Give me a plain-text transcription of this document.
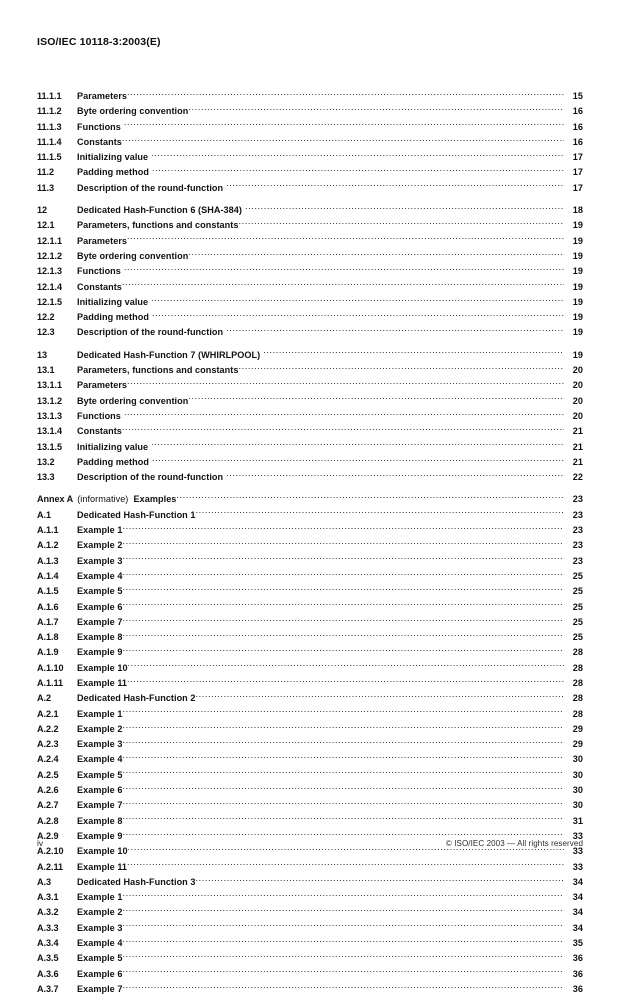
ISO/IEC 10118-3:2003(E)
11.1.1	Parameters .....	15
11.1.2	Byte ordering convention .....	16
11.1.3	Functions .....	16
11.1.4	Constants .....	16
11.1.5	Initializing value .....	17
11.2	Padding method .....	17
11.3	Description of the round-function .....	17
12	Dedicated Hash-Function 6 (SHA-384) .....	18
12.1	Parameters, functions and constants .....	19
12.1.1	Parameters .....	19
12.1.2	Byte ordering convention .....	19
12.1.3	Functions .....	19
12.1.4	Constants .....	19
12.1.5	Initializing value .....	19
12.2	Padding method .....	19
12.3	Description of the round-function .....	19
13	Dedicated Hash-Function 7 (WHIRLPOOL) .....	19
13.1	Parameters, functions and constants .....	20
13.1.1	Parameters .....	20
13.1.2	Byte ordering convention .....	20
13.1.3	Functions .....	20
13.1.4	Constants .....	21
13.1.5	Initializing value .....	21
13.2	Padding method .....	21
13.3	Description of the round-function .....	22
Annex A (informative) Examples .....	23
A.1	Dedicated Hash-Function 1 .....	23
A.1.1	Example 1 .....	23
A.1.2	Example 2 .....	23
A.1.3	Example 3 .....	23
A.1.4	Example 4 .....	25
A.1.5	Example 5 .....	25
A.1.6	Example 6 .....	25
A.1.7	Example 7 .....	25
A.1.8	Example 8 .....	25
A.1.9	Example 9 .....	28
A.1.10	Example 10 .....	28
A.1.11	Example 11 .....	28
A.2	Dedicated Hash-Function 2 .....	28
A.2.1	Example 1 .....	28
A.2.2	Example 2 .....	29
A.2.3	Example 3 .....	29
A.2.4	Example 4 .....	30
A.2.5	Example 5 .....	30
A.2.6	Example 6 .....	30
A.2.7	Example 7 .....	30
A.2.8	Example 8 .....	31
A.2.9	Example 9 .....	33
A.2.10	Example 10 .....	33
A.2.11	Example 11 .....	33
A.3	Dedicated Hash-Function 3 .....	34
A.3.1	Example 1 .....	34
A.3.2	Example 2 .....	34
A.3.3	Example 3 .....	34
A.3.4	Example 4 .....	35
A.3.5	Example 5 .....	36
A.3.6	Example 6 .....	36
A.3.7	Example 7 .....	36
iv	© ISO/IEC 2003 — All rights reserved
